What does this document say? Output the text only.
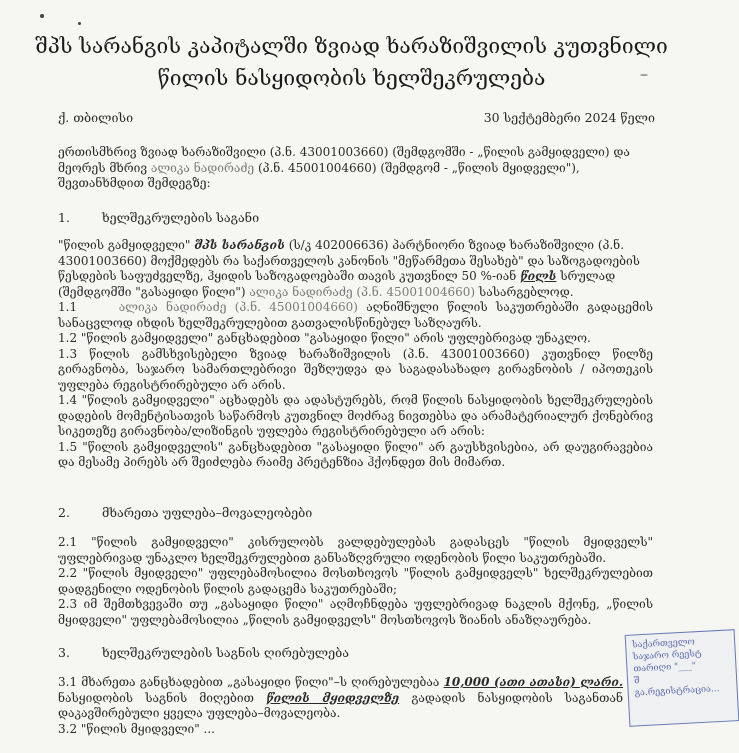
შპს სარანგის კაპიტალში ზვიად ხარაზიშვილის კუთვნილი
წილის ნასყიდობის ხელშეკრულება
ქ. თბილისი	30 სექტემბერი 2024 წელი
ერთისმხრივ ზვიად ხარაზიშვილი (პ.ნ. 43001003660) (შემდგომში - „წილის გამყიდველი) და მეორეს მხრივ ალიკა ნადირაძე (პ.ნ. 45001004660) (შემდგომ - „წილის მყიდველი"), შევთანხმდით შემდეგზე:
1.	ხელშეკრულების საგანი
"წილის გამყიდველი" შპს სარანგის (ს/კ 402006636) პარტნიორი ზვიად ხარაზიშვილი (პ.ნ. 43001003660) მოქმედებს რა საქართველოს კანონის "მეწარმეთა შესახებ" და საზოგადოების წესდების საფუძველზე, ჰყიდის საზოგადოებაში თავის კუთვნილ 50 %-იან წილს სრულად (შემდგომში "გასაყიდი წილი") ალიკა ნადირაძე (პ.ნ. 45001004660) სასარგებლოდ.
1.1	ალიკა ნადირაძე (პ.ნ. 45001004660) აღნიშნული წილის საკუთრებაში გადაცემის სანაცვლოდ იხდის ხელშეკრულებით გათვალისწინებულ საზღაურს.
1.2 "წილის გამყიდველი" განცხადებით "გასაყიდი წილი" არის უფლებრივად უნაკლო.
1.3 წილის გამსხვისებელი ზვიად ხარაზიშვილის (პ.ნ. 43001003660) კუთვნილ წილზე გირავნობა, საჯარო სამართლებრივი შეზღუდვა და საგადასახადო გირავნობის / იპოთეკის უფლება რეგისტრირებული არ არის.
1.4 "წილის გამყიდველი" აცხადებს და ადასტურებს, რომ წილის ნასყიდობის ხელშეკრულების დადების მომენტისათვის საწარმოს კუთვნილ მოძრავ ნივთებსა და არამატერიალურ ქონებრივ სიკეთეზე გირავნობა/ლიზინგის უფლება რეგისტრირებული არ არის:
1.5 "წილის გამყიდველის" განცხადებით "გასაყიდი წილი" არ გაუსხვისებია, არ დაუგირავებია და მესამე პირებს არ შეიძლება რაიმე პრეტენზია ჰქონდეთ მის მიმართ.
2.	მხარეთა უფლება–მოვალეობები
2.1 "წილის გამყიდველი" კისრულობს ვალდებულებას გადასცეს "წილის მყიდველს" უფლებრივად უნაკლო ხელშეკრულებით განსაზღვრული ოდენობის წილი საკუთრებაში.
2.2 "წილის მყიდველი" უფლებამოსილია მოსთხოვოს "წილის გამყიდველს" ხელშეკრულებით დადგენილი ოდენობის წილის გადაცემა საკუთრებაში;
2.3 იმ შემთხვევაში თუ „გასაყიდი წილი" აღმოჩნდება უფლებრივად ნაკლის მქონე, „წილის მყიდველი" უფლებამოსილია „წილის გამყიდველს" მოსთხოვოს ზიანის ანაზღაურება.
3.	ხელშეკრულების საგნის ღირებულება
3.1 მხარეთა განცხადებით „გასაყიდი წილი"–ს ღირებულებაა 10,000 (ათი ათასი) ლარი. ნასყიდობის საგნის მიღებით წილის მყიდველზე გადადის ნასყიდობის საგანთან დაკავშირებული ყველა უფლება–მოვალეობა.
3.2 "წილის მყიდველი" ...
საქართველო
საჯარო რეესტ
თარიღი "___"
შ
გა.რეგისტრაცია...
